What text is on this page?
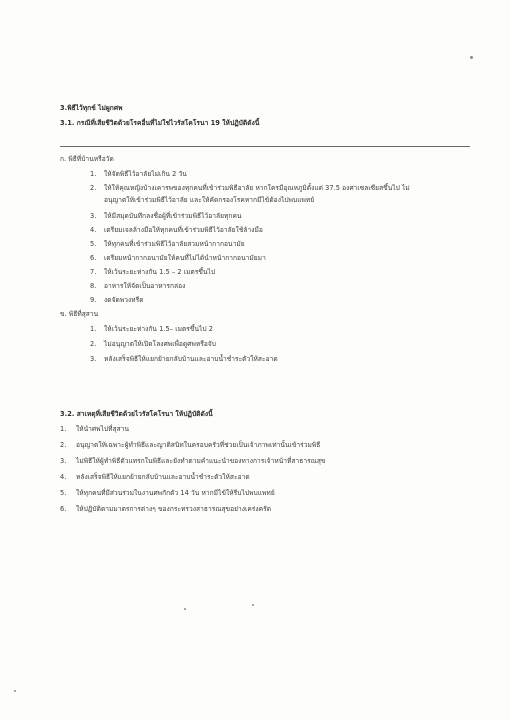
3.พิธีไว้ทุกข์ ไม่ผูกศพ
3.1. กรณีที่เสียชีวิตด้วยโรคอื่นที่ไม่ใช่ไวรัสโคโรนา 19 ให้ปฏิบัติดังนี้
ก. พิธีที่บ้านหรือวัด
1. ให้จัดพิธีไว้อาลัยไม่เกิน 2 วัน
2. ให้ให้คุณหญิงบ้างเคารพของทุกคนที่เข้าร่วมพิธีอาลัย หากใครมีอุณหภูมิตั้งแต่ 37.5 องศาเซลเซียสขึ้นไป ไม่
อนุญาตให้เข้าร่วมพิธีไว้อาลัย และให้คัดกรองโรคหากมีไข้ต้องไปพบแพทย์
3. ให้มีสมุดบันทึกลงชื่อผู้ที่เข้าร่วมพิธีไว้อาลัยทุกคน
4. เตรียมเจลล้างมือให้ทุกคนที่เข้าร่วมพิธีไว้อาลัยใช้ล้างมือ
5. ให้ทุกคนที่เข้าร่วมพิธีไว้อาลัยสวมหน้ากากอนามัย
6. เตรียมหน้ากากอนามัยให้คนที่ไม่ได้นำหน้ากากอนามัยมา
7. ให้เว้นระยะห่างกัน 1.5 – 2 เมตรขึ้นไป
8. อาหารให้จัดเป็นอาหารกล่อง
9. งดจัดพวงหรีด
ข. พิธีที่สุสาน
1. ให้เว้นระยะห่างกัน 1.5– เมตรขึ้นไป 2
2. ไม่อนุญาตให้เปิดโลงศพเพื่อดูศพหรือจับ
3. หลังเสร็จพิธีให้แยกย้ายกลับบ้านและอาบน้ำชำระตัวให้สะอาด
3.2. สาเหตุที่เสียชีวิตด้วยไวรัสโคโรนา ให้ปฏิบัติดังนี้
1. ให้นำศพไปที่สุสาน
2. อนุญาตให้เฉพาะผู้ทำพิธีและญาติสนิทในครอบครัวที่ช่วยเป็นเจ้าภาพเท่านั้นเข้าร่วมพิธี
3. ไม่พิธีให้ผู้ทำพิธีตัวแทรกในพิธีและยังทำตามคำแนะนำของทางการเจ้าหน้าที่สาธารณสุข
4. หลังเสร็จพิธีให้แยกย้ายกลับบ้านและอาบน้ำชำระตัวให้สะอาด
5. ให้ทุกคนที่มีส่วนร่วมในงานศพกักตัว 14 วัน หากมีไข้ให้รีบไปพบแพทย์
6. ให้ปฏิบัติตามมาตรการต่างๆ ของกระทรวงสาธารณสุขอย่างเคร่งครัด
